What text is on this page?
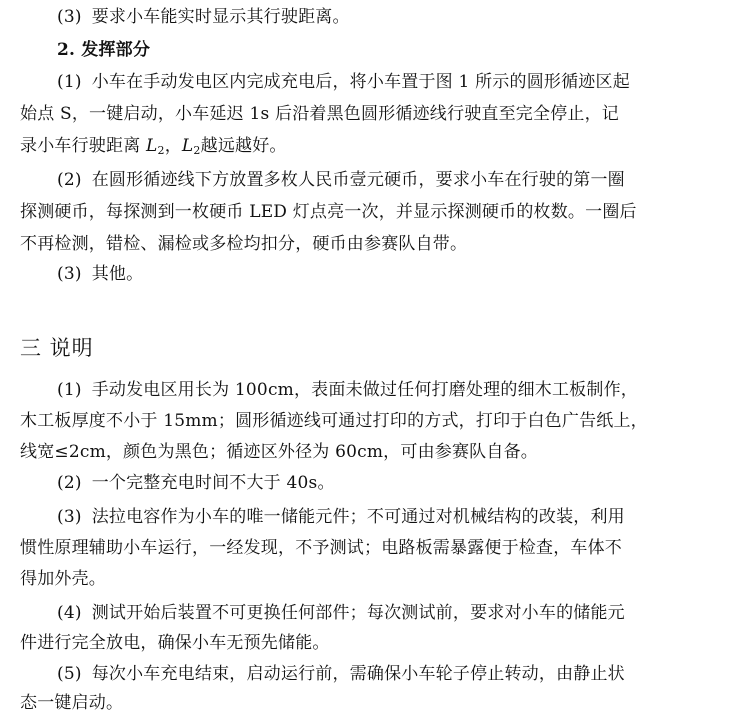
(3) 要求小车能实时显示其行驶距离。
2. 发挥部分
(1) 小车在手动发电区内完成充电后，将小车置于图 1 所示的圆形循迹区起
始点 S，一键启动，小车延迟 1s 后沿着黑色圆形循迹线行驶直至完全停止，记
录小车行驶距离 $L_2$，$L_2$越远越好。
(2) 在圆形循迹线下方放置多枚人民币壹元硬币，要求小车在行驶的第一圈
探测硬币，每探测到一枚硬币 LED 灯点亮一次，并显示探测硬币的枚数。一圈后
不再检测，错检、漏检或多检均扣分，硬币由参赛队自带。
(3) 其他。
三 说明
(1) 手动发电区用长为 100cm，表面未做过任何打磨处理的细木工板制作，
木工板厚度不小于 15mm；圆形循迹线可通过打印的方式，打印于白色广告纸上，
线宽≤2cm，颜色为黑色；循迹区外径为 60cm，可由参赛队自备。
(2) 一个完整充电时间不大于 40s。
(3) 法拉电容作为小车的唯一储能元件；不可通过对机械结构的改装，利用
惯性原理辅助小车运行，一经发现，不予测试；电路板需暴露便于检查，车体不
得加外壳。
(4) 测试开始后装置不可更换任何部件；每次测试前，要求对小车的储能元
件进行完全放电，确保小车无预先储能。
(5) 每次小车充电结束，启动运行前，需确保小车轮子停止转动，由静止状
态一键启动。
